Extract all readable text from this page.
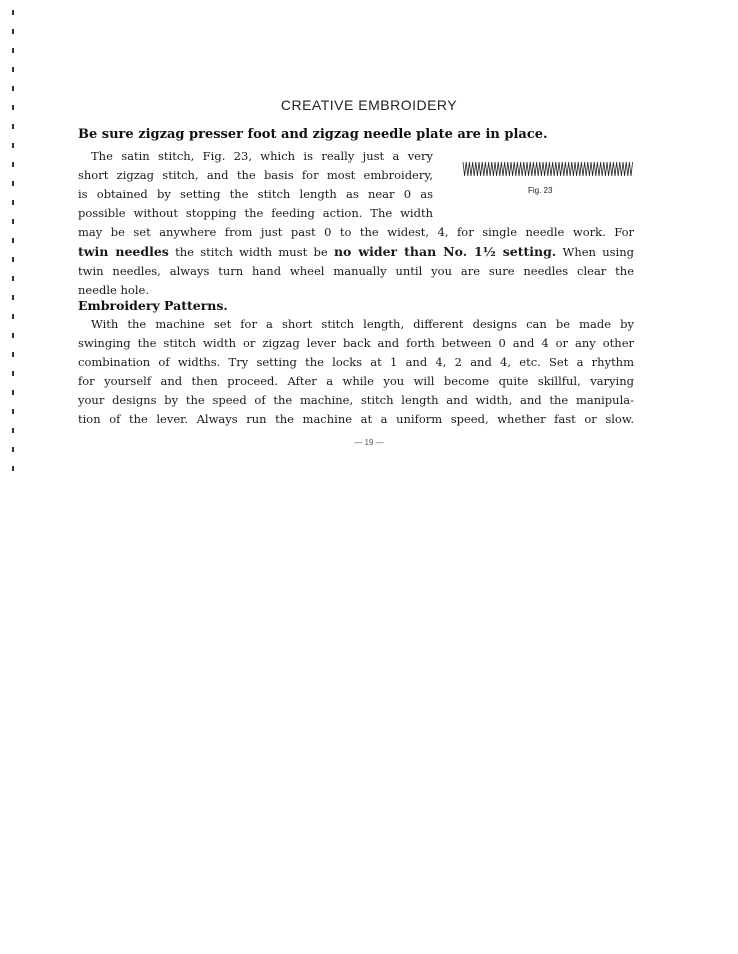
CREATIVE EMBROIDERY
Be sure zigzag presser foot and zigzag needle plate are in place.
The satin stitch, Fig. 23, which is really just a very
short zigzag stitch, and the basis for most embroidery,
is obtained by setting the stitch length as near 0 as
possible without stopping the feeding action. The width
Fig. 23
may be set anywhere from just past 0 to the widest, 4, for single needle work. For
twin needles the stitch width must be no wider than No. 1½ setting. When using
twin needles, always turn hand wheel manually until you are sure needles clear the
needle hole.
Embroidery Patterns.
With the machine set for a short stitch length, different designs can be made by
swinging the stitch width or zigzag lever back and forth between 0 and 4 or any other
combination of widths. Try setting the locks at 1 and 4, 2 and 4, etc. Set a rhythm
for yourself and then proceed. After a while you will become quite skillful, varying
your designs by the speed of the machine, stitch length and width, and the manipula-
tion of the lever. Always run the machine at a uniform speed, whether fast or slow.
— 19 —
